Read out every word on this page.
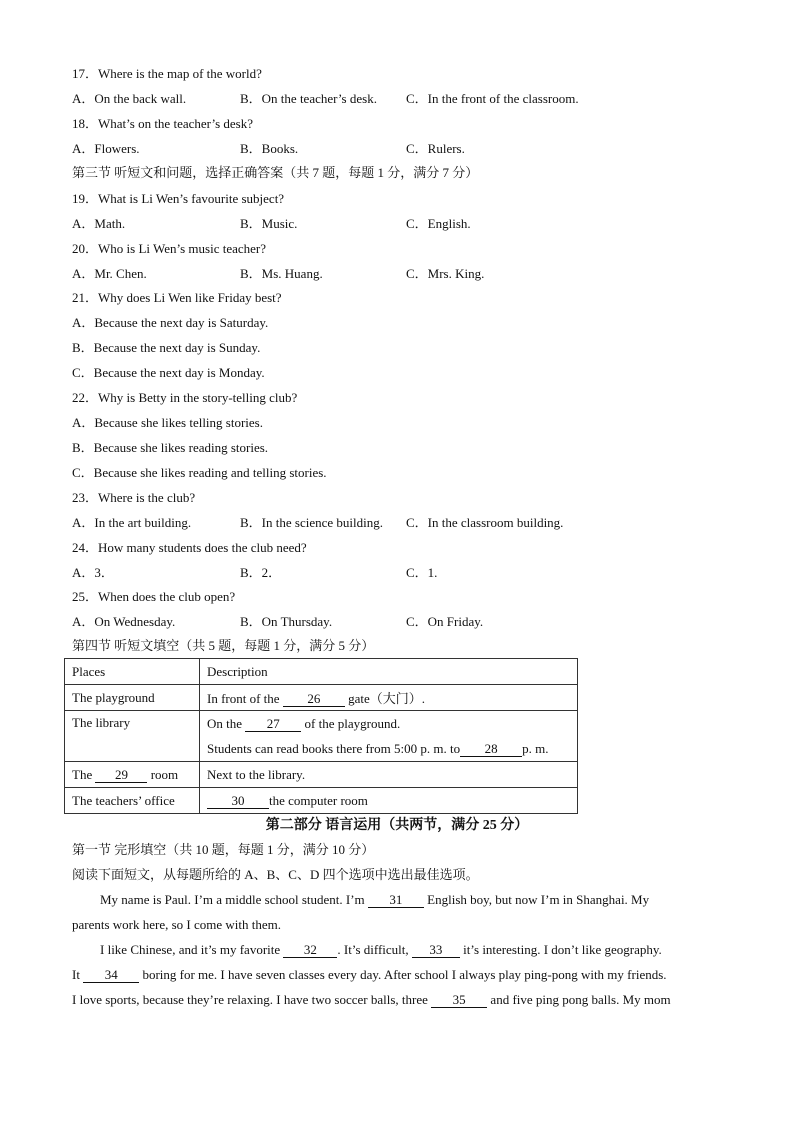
17．Where is the map of the world?
A．On the back wall.	B．On the teacher’s desk. C．In the front of the classroom.
18．What’s on the teacher’s desk?
A．Flowers.	B．Books.	C．Rulers.
第三节 听短文和问题，选择正确答案（共 7 题，每题 1 分，满分 7 分）
19．What is Li Wen’s favourite subject?
A．Math.	B．Music.	C．English.
20．Who is Li Wen’s music teacher?
A．Mr. Chen.	B．Ms. Huang.	C．Mrs. King.
21．Why does Li Wen like Friday best?
A．Because the next day is Saturday.
B．Because the next day is Sunday.
C．Because the next day is Monday.
22．Why is Betty in the story-telling club?
A．Because she likes telling stories.
B．Because she likes reading stories.
C．Because she likes reading and telling stories.
23．Where is the club?
A．In the art building.	B．In the science building. C．In the classroom building.
24．How many students does the club need?
A．3．	B．2．	C．1.
25．When does the club open?
A．On Wednesday.	B．On Thursday.	C．On Friday.
第四节 听短文填空（共 5 题，每题 1 分，满分 5 分）
Places	Description
The playground	In front of the 26 gate（大门）.
The library	On the 27 of the playground.
Students can read books there from 5:00 p. m. to 28 p. m.

The 29 room	Next to the library.
The teachers’ office	30 the computer room
第二部分 语言运用（共两节，满分 25 分）
第一节 完形填空（共 10 题，每题 1 分，满分 10 分）
阅读下面短文，从每题所给的 A、B、C、D 四个选项中选出最佳选项。
My name is Paul. I’m a middle school student. I’m 31 English boy, but now I’m in Shanghai. My
parents work here, so I come with them.
I like Chinese, and it’s my favorite 32 . It’s difficult, 33 it’s interesting. I don’t like geography.
It 34 boring for me. I have seven classes every day. After school I always play ping-pong with my friends.
I love sports, because they’re relaxing. I have two soccer balls, three 35 and five ping pong balls. My mom
